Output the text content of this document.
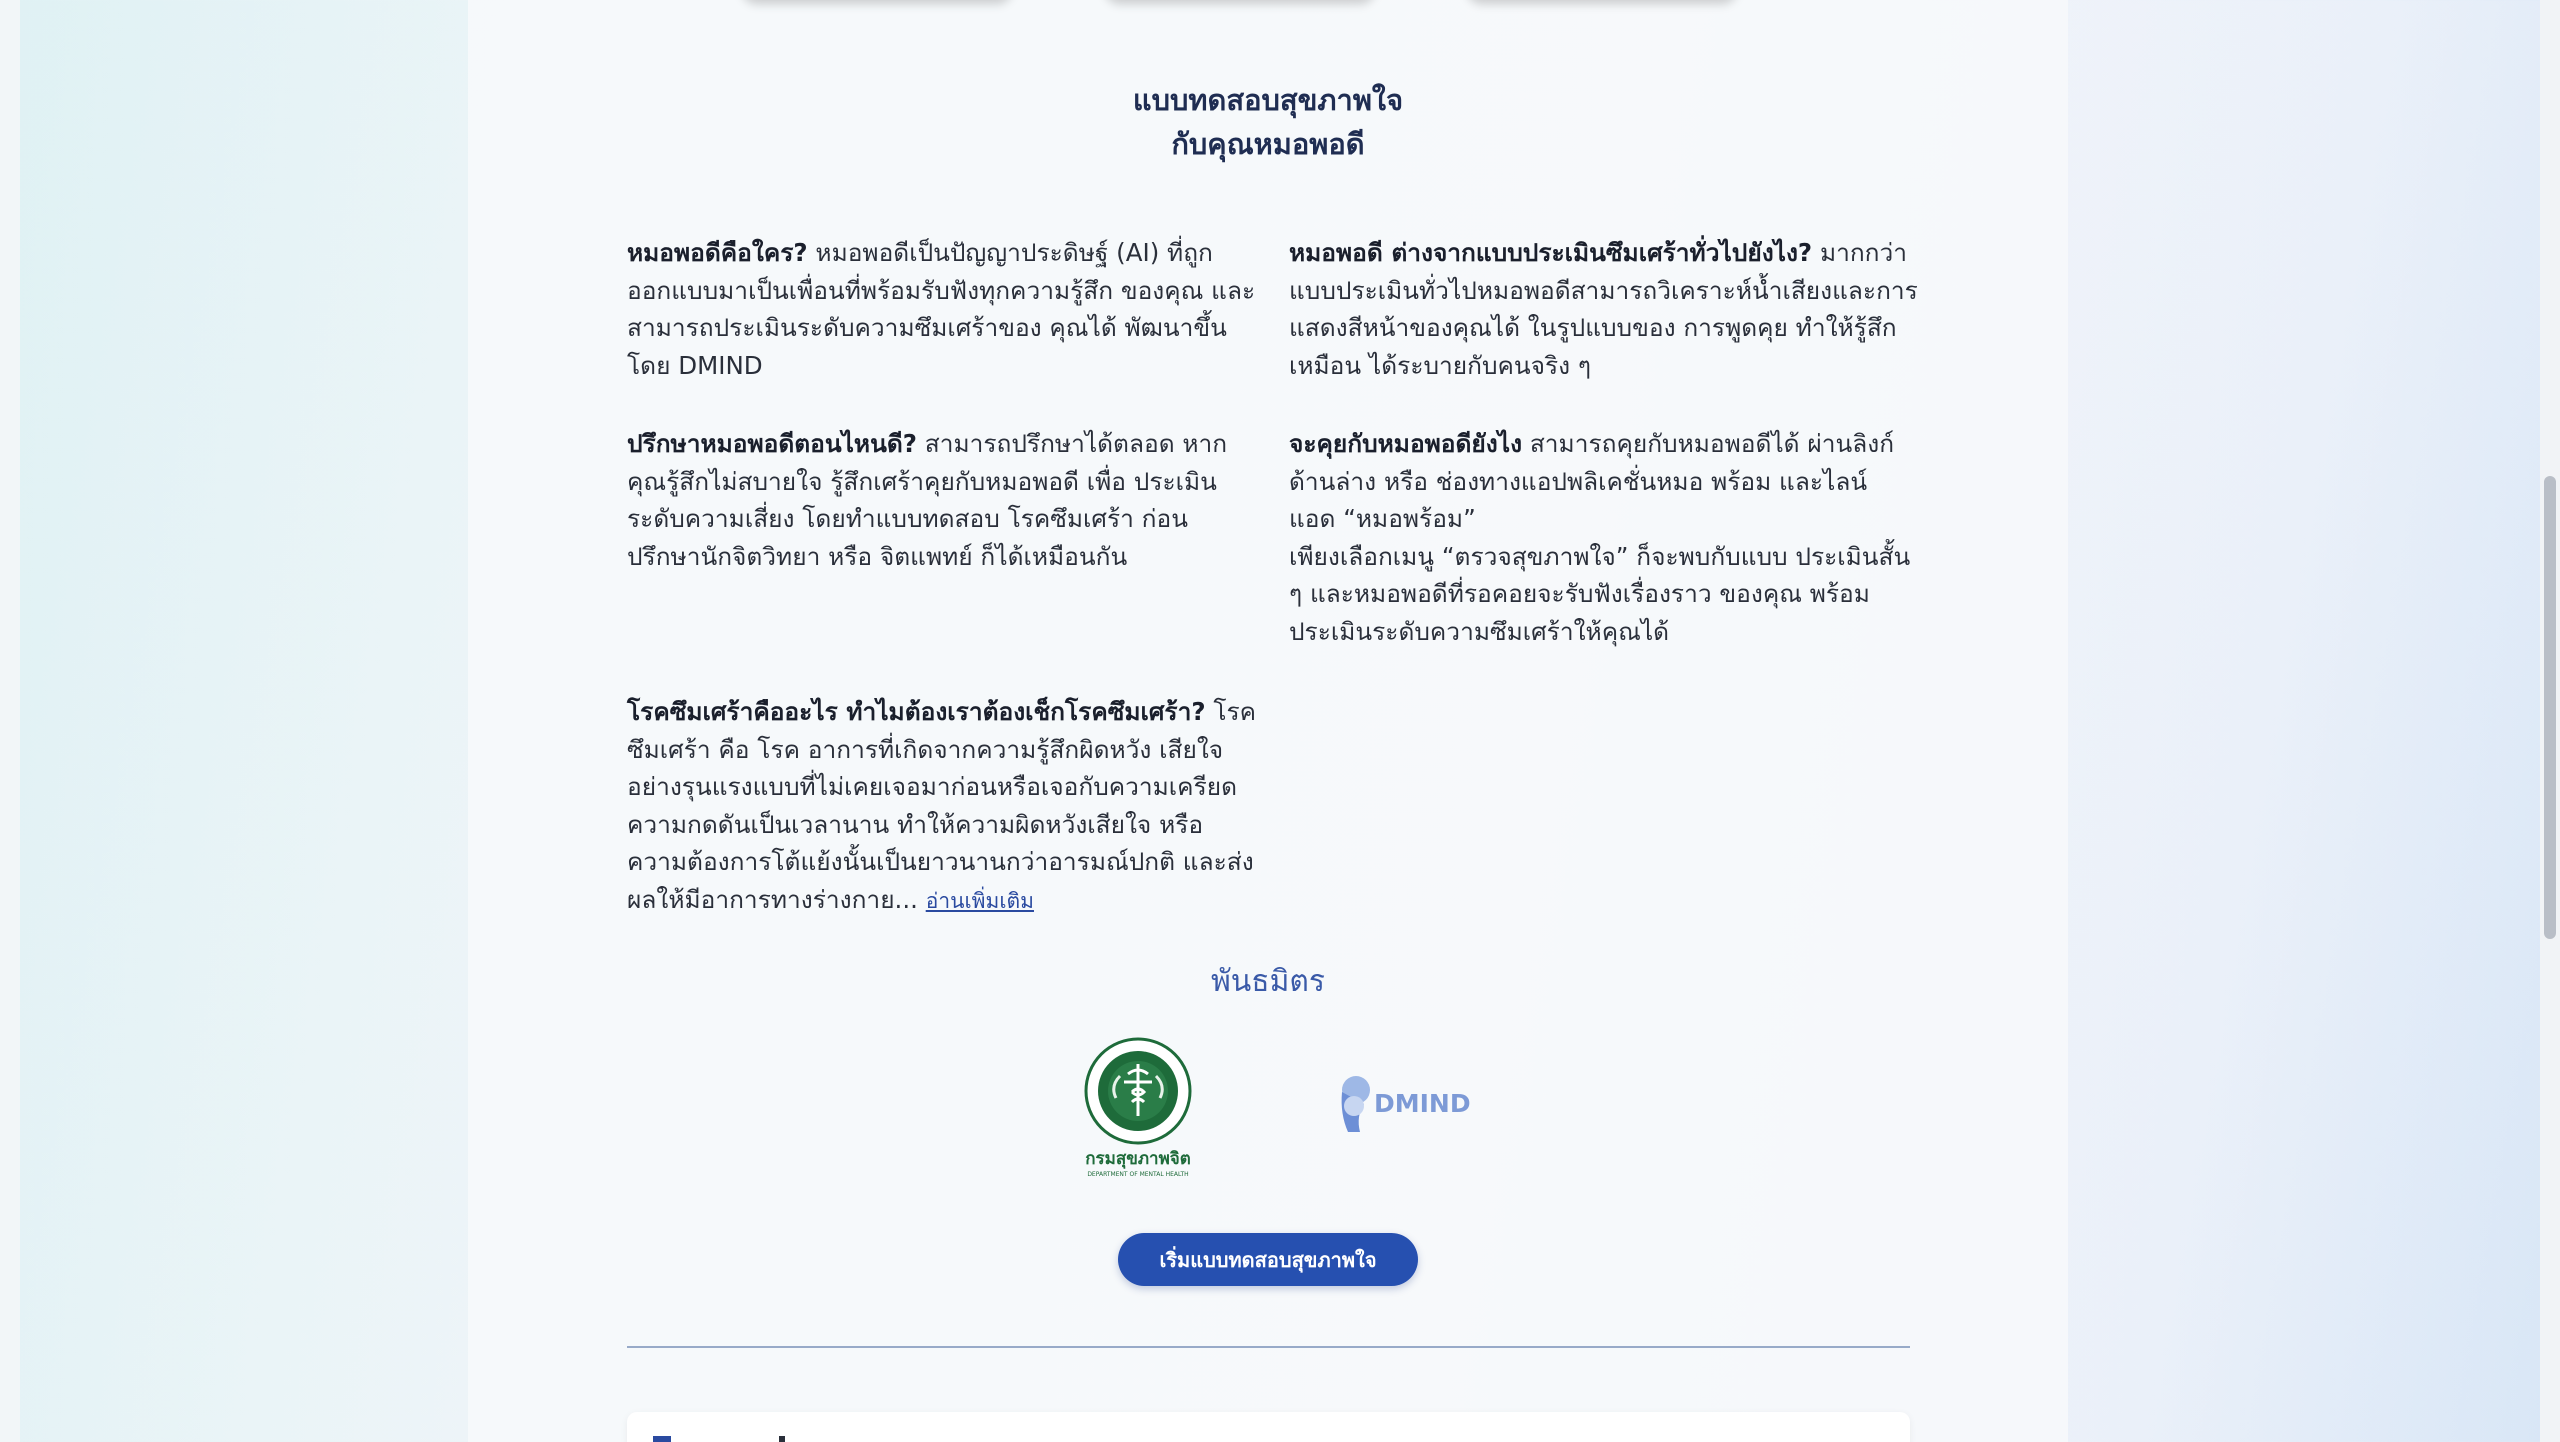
แบบทดสอบสุขภาพใจ
กับคุณหมอพอดี
หมอพอดีคือใคร? หมอพอดีเป็นปัญญาประดิษฐ์ (AI) ที่ถูกออกแบบมาเป็นเพื่อนที่พร้อมรับฟังทุกความรู้สึก ของคุณ และสามารถประเมินระดับความซึมเศร้าของ คุณได้ พัฒนาขึ้นโดย DMIND
หมอพอดี ต่างจากแบบประเมินซึมเศร้าทั่วไปยังไง? มากกว่าแบบประเมินทั่วไปหมอพอดีสามารถวิเคราะห์น้ำเสียงและการแสดงสีหน้าของคุณได้ ในรูปแบบของ การพูดคุย ทำให้รู้สึกเหมือน ได้ระบายกับคนจริง ๆ
ปรึกษาหมอพอดีตอนไหนดี? สามารถปรึกษาได้ตลอด หากคุณรู้สึกไม่สบายใจ รู้สึกเศร้าคุยกับหมอพอดี เพื่อ ประเมินระดับความเสี่ยง โดยทำแบบทดสอบ โรคซึมเศร้า ก่อนปรึกษานักจิตวิทยา หรือ จิตแพทย์ ก็ได้เหมือนกัน
จะคุยกับหมอพอดียังไง สามารถคุยกับหมอพอดีได้ ผ่านลิงก์ด้านล่าง หรือ ช่องทางแอปพลิเคชั่นหมอ พร้อม และไลน์ แอด “หมอพร้อม”
เพียงเลือกเมนู “ตรวจสุขภาพใจ” ก็จะพบกับแบบ ประเมินสั้น ๆ และหมอพอดีที่รอคอยจะรับฟังเรื่องราว ของคุณ พร้อมประเมินระดับความซึมเศร้าให้คุณได้
โรคซึมเศร้าคืออะไร ทำไมต้องเราต้องเช็กโรคซึมเศร้า? โรคซึมเศร้า คือ โรค อาการที่เกิดจากความรู้สึกผิดหวัง เสียใจอย่างรุนแรงแบบที่ไม่เคยเจอมาก่อนหรือเจอกับความเครียดความกดดันเป็นเวลานาน ทำให้ความผิดหวังเสียใจ หรือความต้องการโต้แย้งนั้นเป็นยาวนานกว่าอารมณ์ปกติ และส่งผลให้มีอาการทางร่างกาย... อ่านเพิ่มเติม
พันธมิตร
กรมสุขภาพจิต
DEPARTMENT OF MENTAL HEALTH
DMIND
เริ่มแบบทดสอบสุขภาพใจ
